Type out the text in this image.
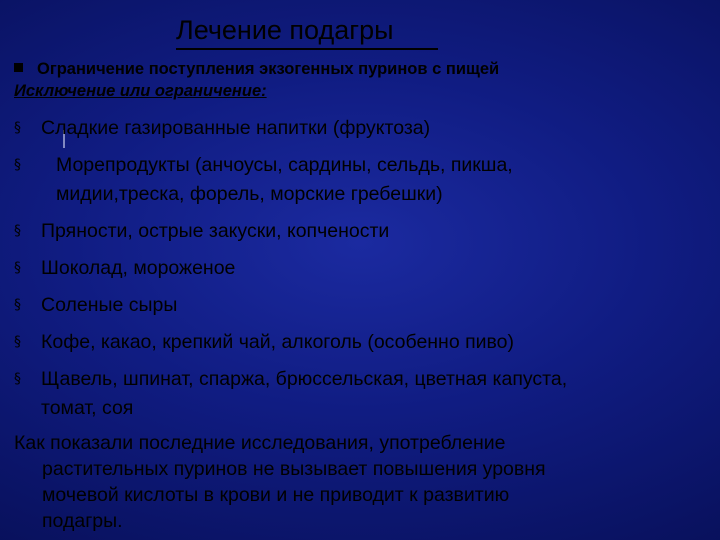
Лечение подагры
Ограничение поступления экзогенных пуринов с пищей
Исключение или ограничение:
§ Сладкие газированные напитки (фруктоза)
§	Морепродукты (анчоусы, сардины, сельдь, пикша,
мидии,треска, форель, морские гребешки)
§ Пряности, острые закуски, копчености
§ Шоколад, мороженое
§ Соленые сыры
§ Кофе, какао, крепкий чай, алкоголь (особенно пиво)
§ Щавель, шпинат, спаржа, брюссельская, цветная капуста,
томат, соя
Как показали последние исследования, употребление
растительных пуринов не вызывает повышения уровня
мочевой кислоты в крови и не приводит к развитию
подагры.
